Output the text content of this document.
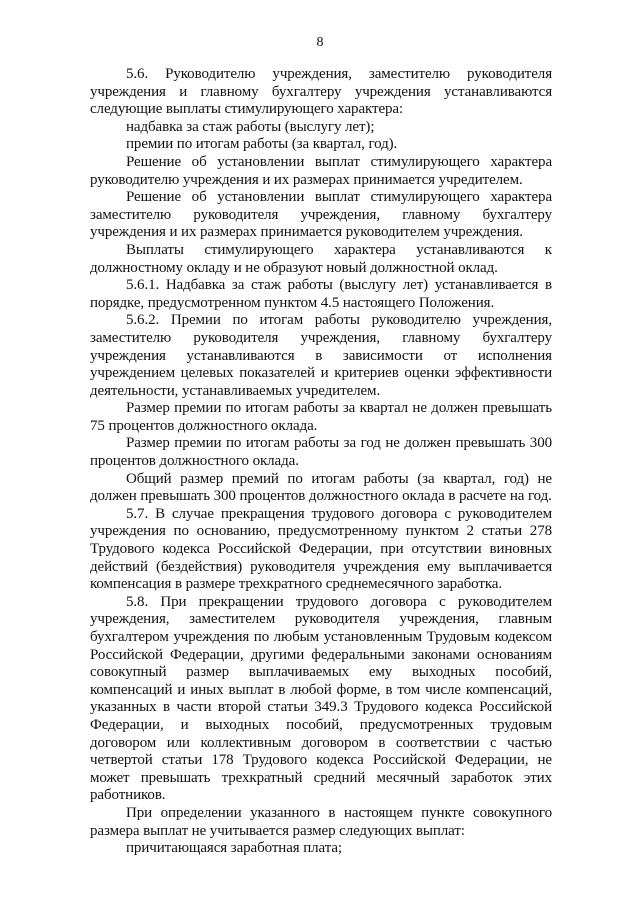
8

5.6. Руководителю учреждения, заместителю руководителя учреждения и главному бухгалтеру учреждения устанавливаются следующие выплаты стимулирующего характера:

надбавка за стаж работы (выслугу лет);

премии по итогам работы (за квартал, год).

Решение об установлении выплат стимулирующего характера руководителю учреждения и их размерах принимается учредителем.

Решение об установлении выплат стимулирующего характера заместителю руководителя учреждения, главному бухгалтеру учреждения и их размерах принимается руководителем учреждения.

Выплаты стимулирующего характера устанавливаются к должностному окладу и не образуют новый должностной оклад.

5.6.1. Надбавка за стаж работы (выслугу лет) устанавливается в порядке, предусмотренном пунктом 4.5 настоящего Положения.

5.6.2. Премии по итогам работы руководителю учреждения, заместителю руководителя учреждения, главному бухгалтеру учреждения устанавливаются в зависимости от исполнения учреждением целевых показателей и критериев оценки эффективности деятельности, устанавливаемых учредителем.

Размер премии по итогам работы за квартал не должен превышать 75 процентов должностного оклада.

Размер премии по итогам работы за год не должен превышать 300 процентов должностного оклада.

Общий размер премий по итогам работы (за квартал, год) не должен превышать 300 процентов должностного оклада в расчете на год.

5.7. В случае прекращения трудового договора с руководителем учреждения по основанию, предусмотренному пунктом 2 статьи 278 Трудового кодекса Российской Федерации, при отсутствии виновных действий (бездействия) руководителя учреждения ему выплачивается компенсация в размере трехкратного среднемесячного заработка.

5.8. При прекращении трудового договора с руководителем учреждения, заместителем руководителя учреждения, главным бухгалтером учреждения по любым установленным Трудовым кодексом Российской Федерации, другими федеральными законами основаниям совокупный размер выплачиваемых ему выходных пособий, компенсаций и иных выплат в любой форме, в том числе компенсаций, указанных в части второй статьи 349.3 Трудового кодекса Российской Федерации, и выходных пособий, предусмотренных трудовым договором или коллективным договором в соответствии с частью четвертой статьи 178 Трудового кодекса Российской Федерации, не может превышать трехкратный средний месячный заработок этих работников.

При определении указанного в настоящем пункте совокупного размера выплат не учитывается размер следующих выплат:

причитающаяся заработная плата;
